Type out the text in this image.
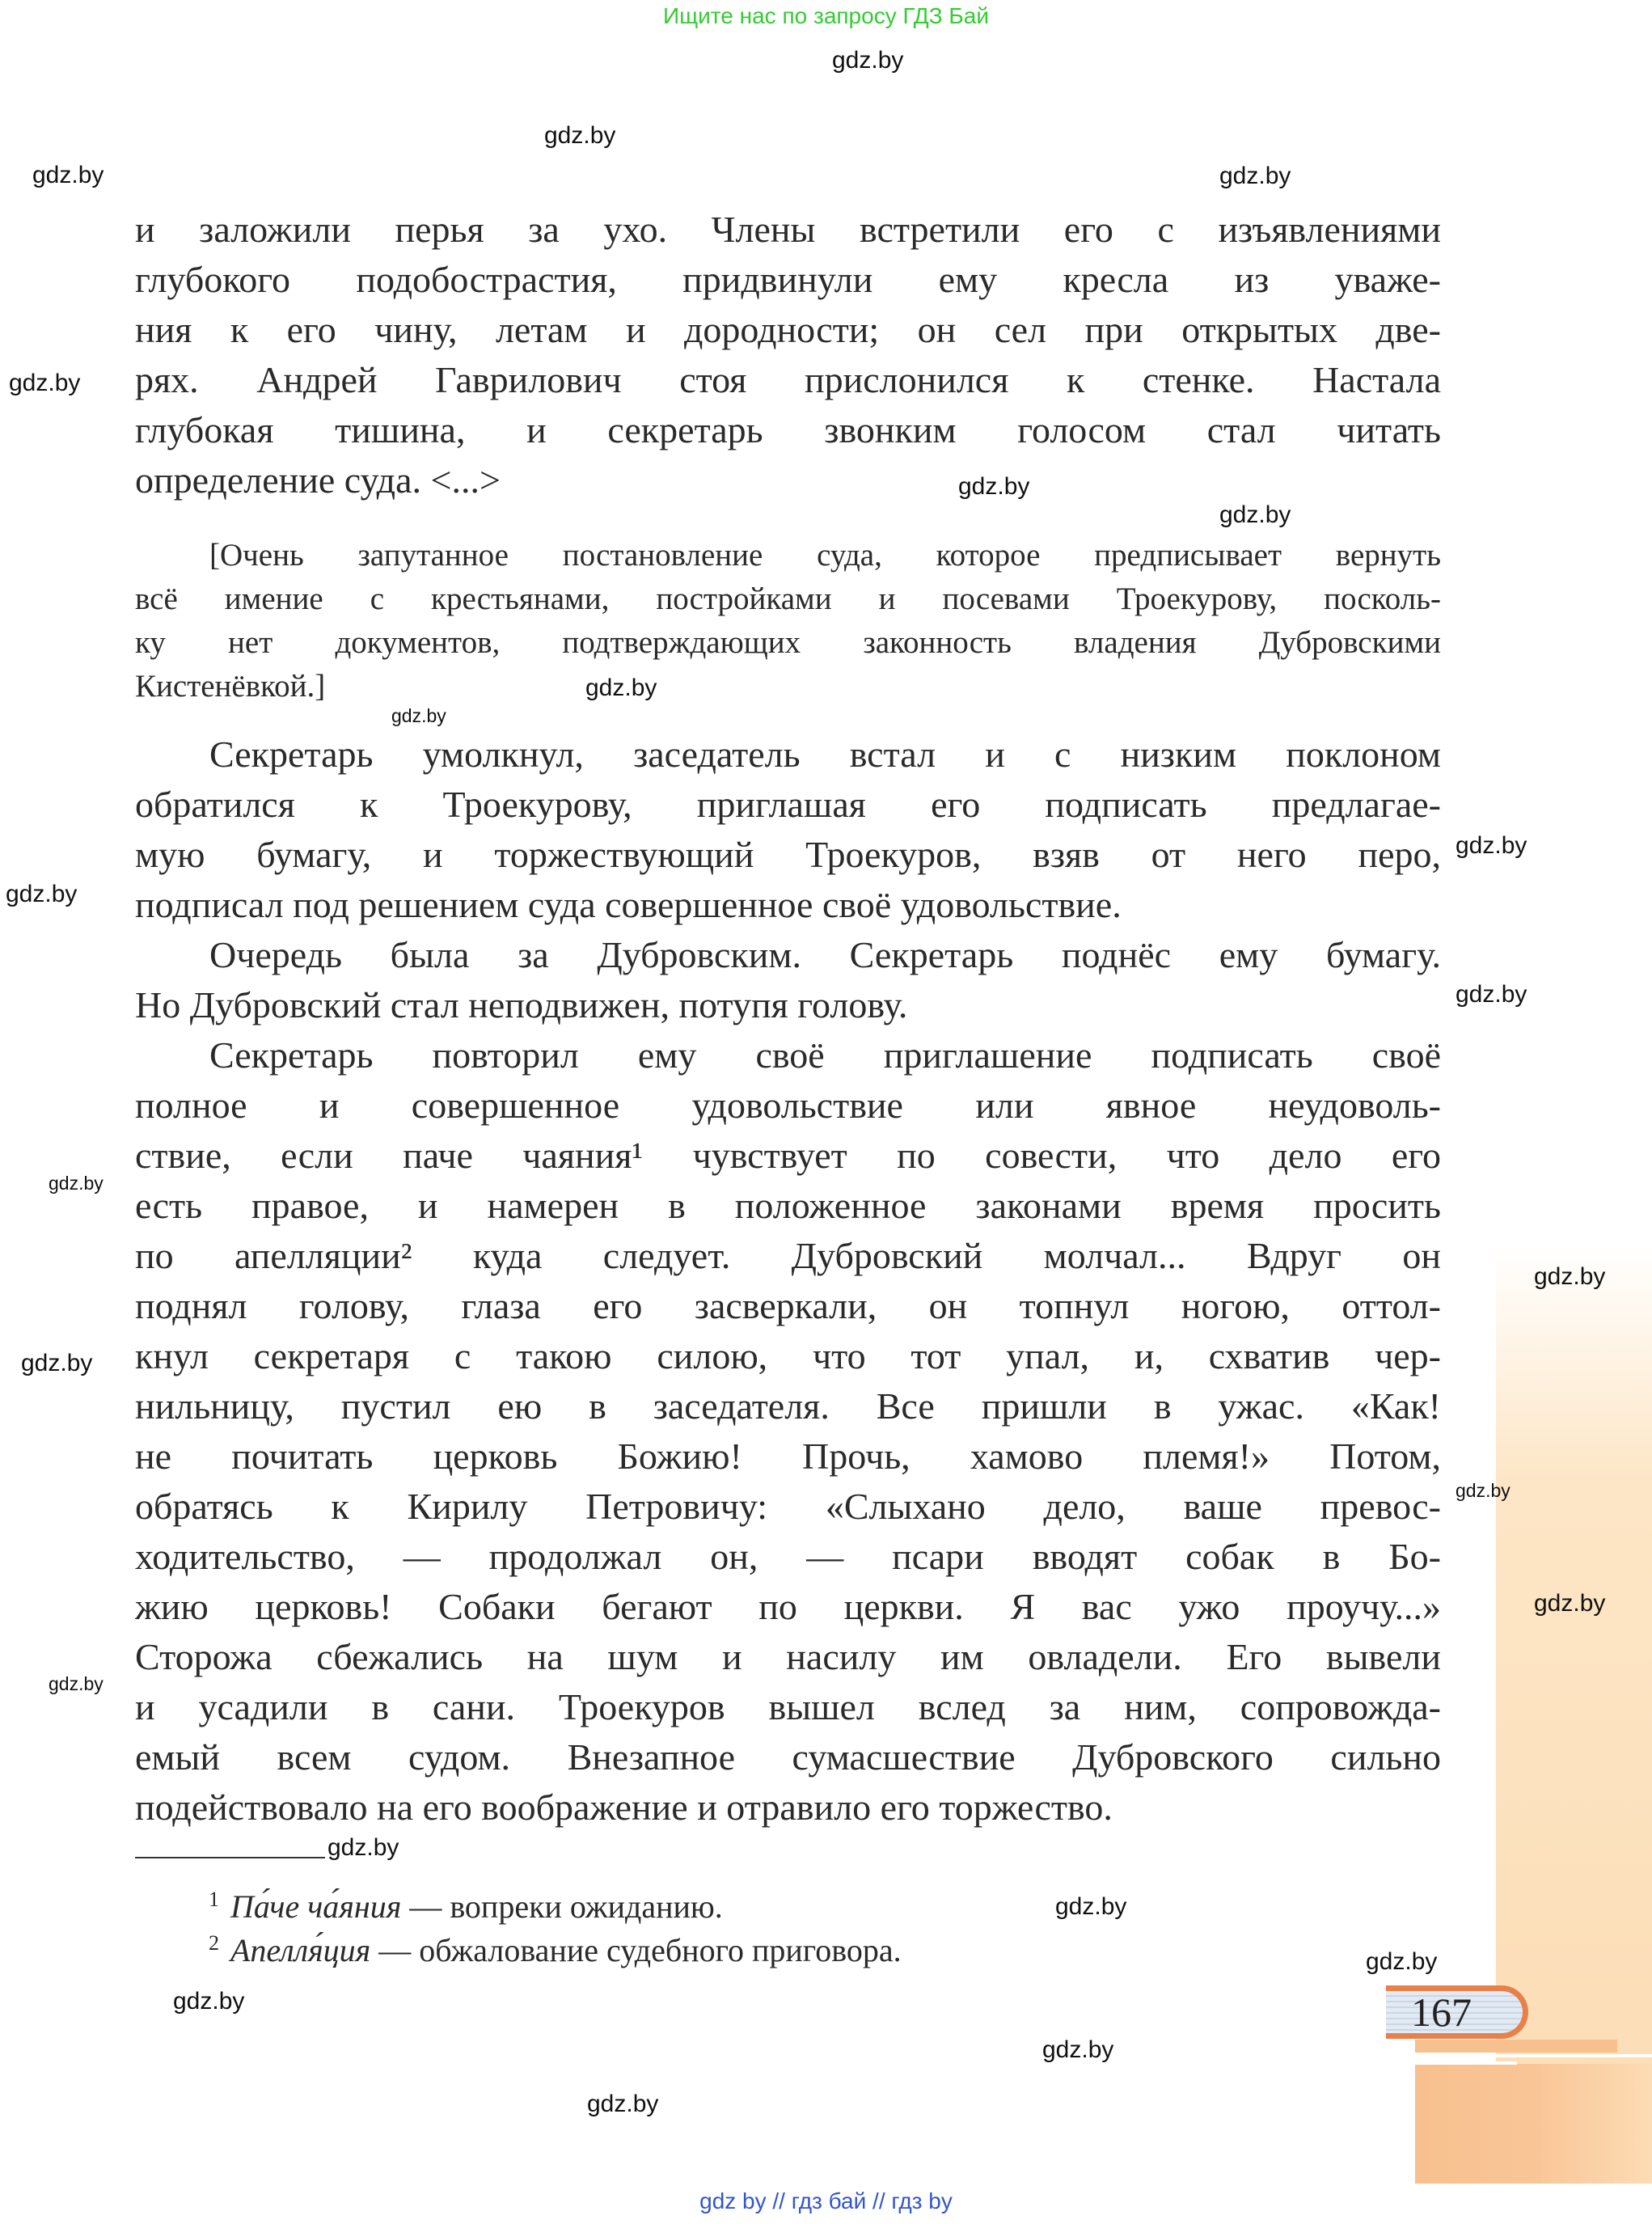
167
Ищите нас по запросу ГДЗ Бай
и заложили перья за ухо. Члены встретили его с изъявлениями
глубокого подобострастия, придвинули ему кресла из уваже-
ния к его чину, летам и дородности; он сел при открытых две-
рях. Андрей Гаврилович стоя прислонился к стенке. Настала
глубокая тишина, и секретарь звонким голосом стал читать
определение суда. <...>
[Очень запутанное постановление суда, которое предписывает вернуть
всё имение с крестьянами, постройками и посевами Троекурову, посколь-
ку нет документов, подтверждающих законность владения Дубровскими
Кистенёвкой.]
Секретарь умолкнул, заседатель встал и с низким поклоном
обратился к Троекурову, приглашая его подписать предлагае-
мую бумагу, и торжествующий Троекуров, взяв от него перо,
подписал под решением суда совершенное своё удовольствие.
Очередь была за Дубровским. Секретарь поднёс ему бумагу.
Но Дубровский стал неподвижен, потупя голову.
Секретарь повторил ему своё приглашение подписать своё
полное и совершенное удовольствие или явное неудоволь-
ствие, если паче чаяния¹ чувствует по совести, что дело его
есть правое, и намерен в положенное законами время просить
по апелляции² куда следует. Дубровский молчал... Вдруг он
поднял голову, глаза его засверкали, он топнул ногою, оттол-
кнул секретаря с такою силою, что тот упал, и, схватив чер-
нильницу, пустил ею в заседателя. Все пришли в ужас. «Как!
не почитать церковь Божию! Прочь, хамово племя!» Потом,
обратясь к Кирилу Петровичу: «Слыхано дело, ваше превос-
ходительство, — продолжал он, — псари вводят собак в Бо-
жию церковь! Собаки бегают по церкви. Я вас ужо проучу...»
Сторожа сбежались на шум и насилу им овладели. Его вывели
и усадили в сани. Троекуров вышел вслед за ним, сопровожда-
емый всем судом. Внезапное сумасшествие Дубровского сильно
подействовало на его воображение и отравило его торжество.
$^1$ Па́че ча́яния — вопреки ожиданию.
$^2$ Апелля́ция — обжалование судебного приговора.
gdz.by
gdz.by
gdz.by
gdz.by
gdz.by
gdz.by
gdz.by
gdz.by
gdz.by
gdz.by
gdz.by
gdz.by
gdz.by
gdz.by
gdz.by
gdz.by
gdz.by
gdz.by
gdz.by
gdz.by
gdz.by
gdz.by
gdz.by
gdz.by
gdz by // гдз бай // гдз by
